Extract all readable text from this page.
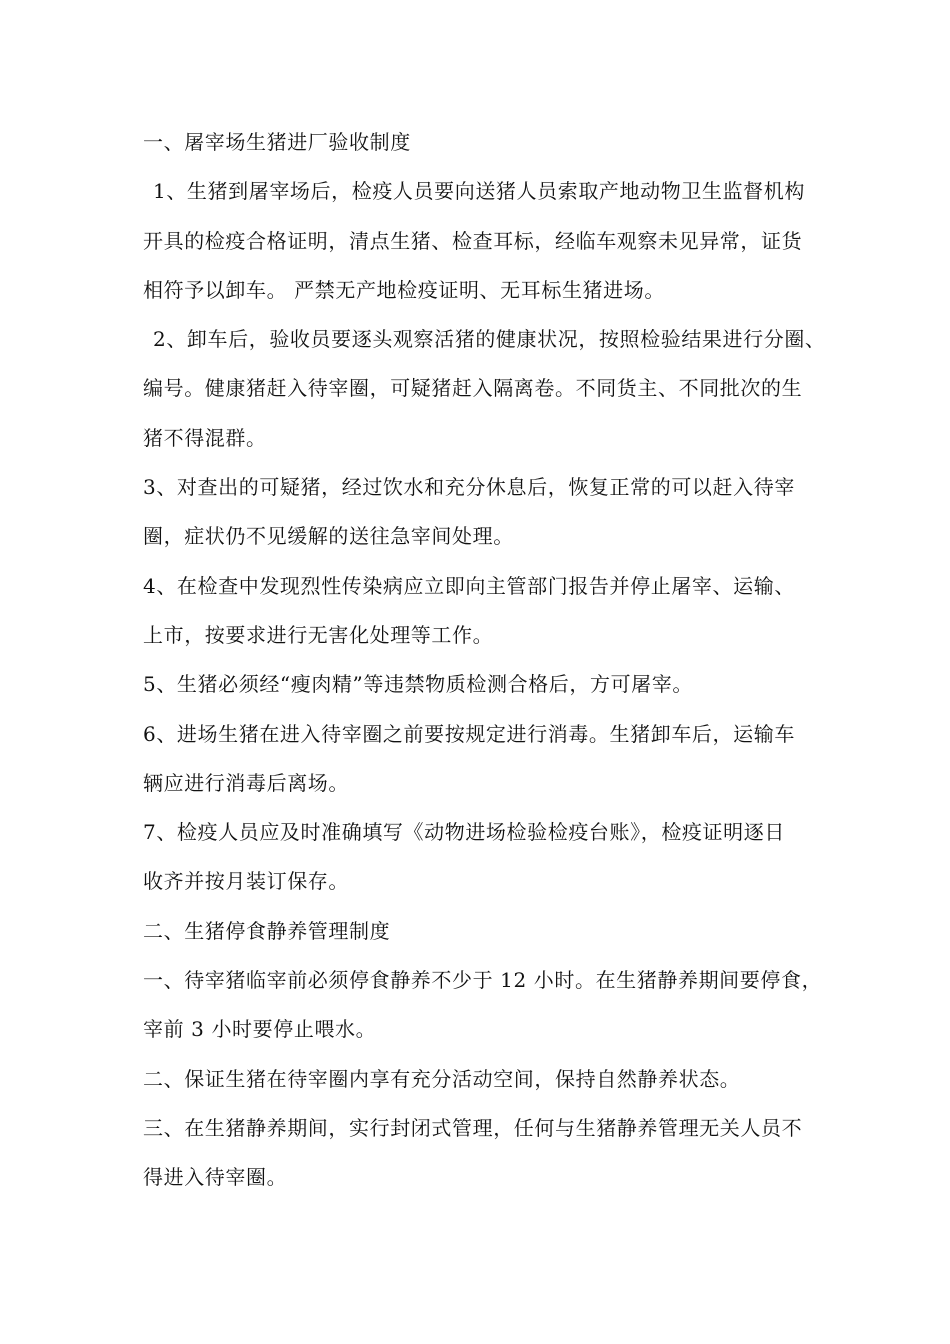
一、屠宰场生猪进厂验收制度
1、生猪到屠宰场后，检疫人员要向送猪人员索取产地动物卫生监督机构
开具的检疫合格证明，清点生猪、检查耳标，经临车观察未见异常，证货
相符予以卸车。 严禁无产地检疫证明、无耳标生猪进场。
2、卸车后，验收员要逐头观察活猪的健康状况，按照检验结果进行分圈、
编号。健康猪赶入待宰圈，可疑猪赶入隔离卷。不同货主、不同批次的生
猪不得混群。
3、对查出的可疑猪，经过饮水和充分休息后，恢复正常的可以赶入待宰
圈，症状仍不见缓解的送往急宰间处理。
4、在检查中发现烈性传染病应立即向主管部门报告并停止屠宰、运输、
上市，按要求进行无害化处理等工作。
5、生猪必须经“瘦肉精”等违禁物质检测合格后，方可屠宰。
6、进场生猪在进入待宰圈之前要按规定进行消毒。生猪卸车后，运输车
辆应进行消毒后离场。
7、检疫人员应及时准确填写《动物进场检验检疫台账》，检疫证明逐日
收齐并按月装订保存。
二、生猪停食静养管理制度
一、待宰猪临宰前必须停食静养不少于 12 小时。在生猪静养期间要停食，
宰前 3 小时要停止喂水。
二、保证生猪在待宰圈内享有充分活动空间，保持自然静养状态。
三、在生猪静养期间，实行封闭式管理，任何与生猪静养管理无关人员不
得进入待宰圈。
